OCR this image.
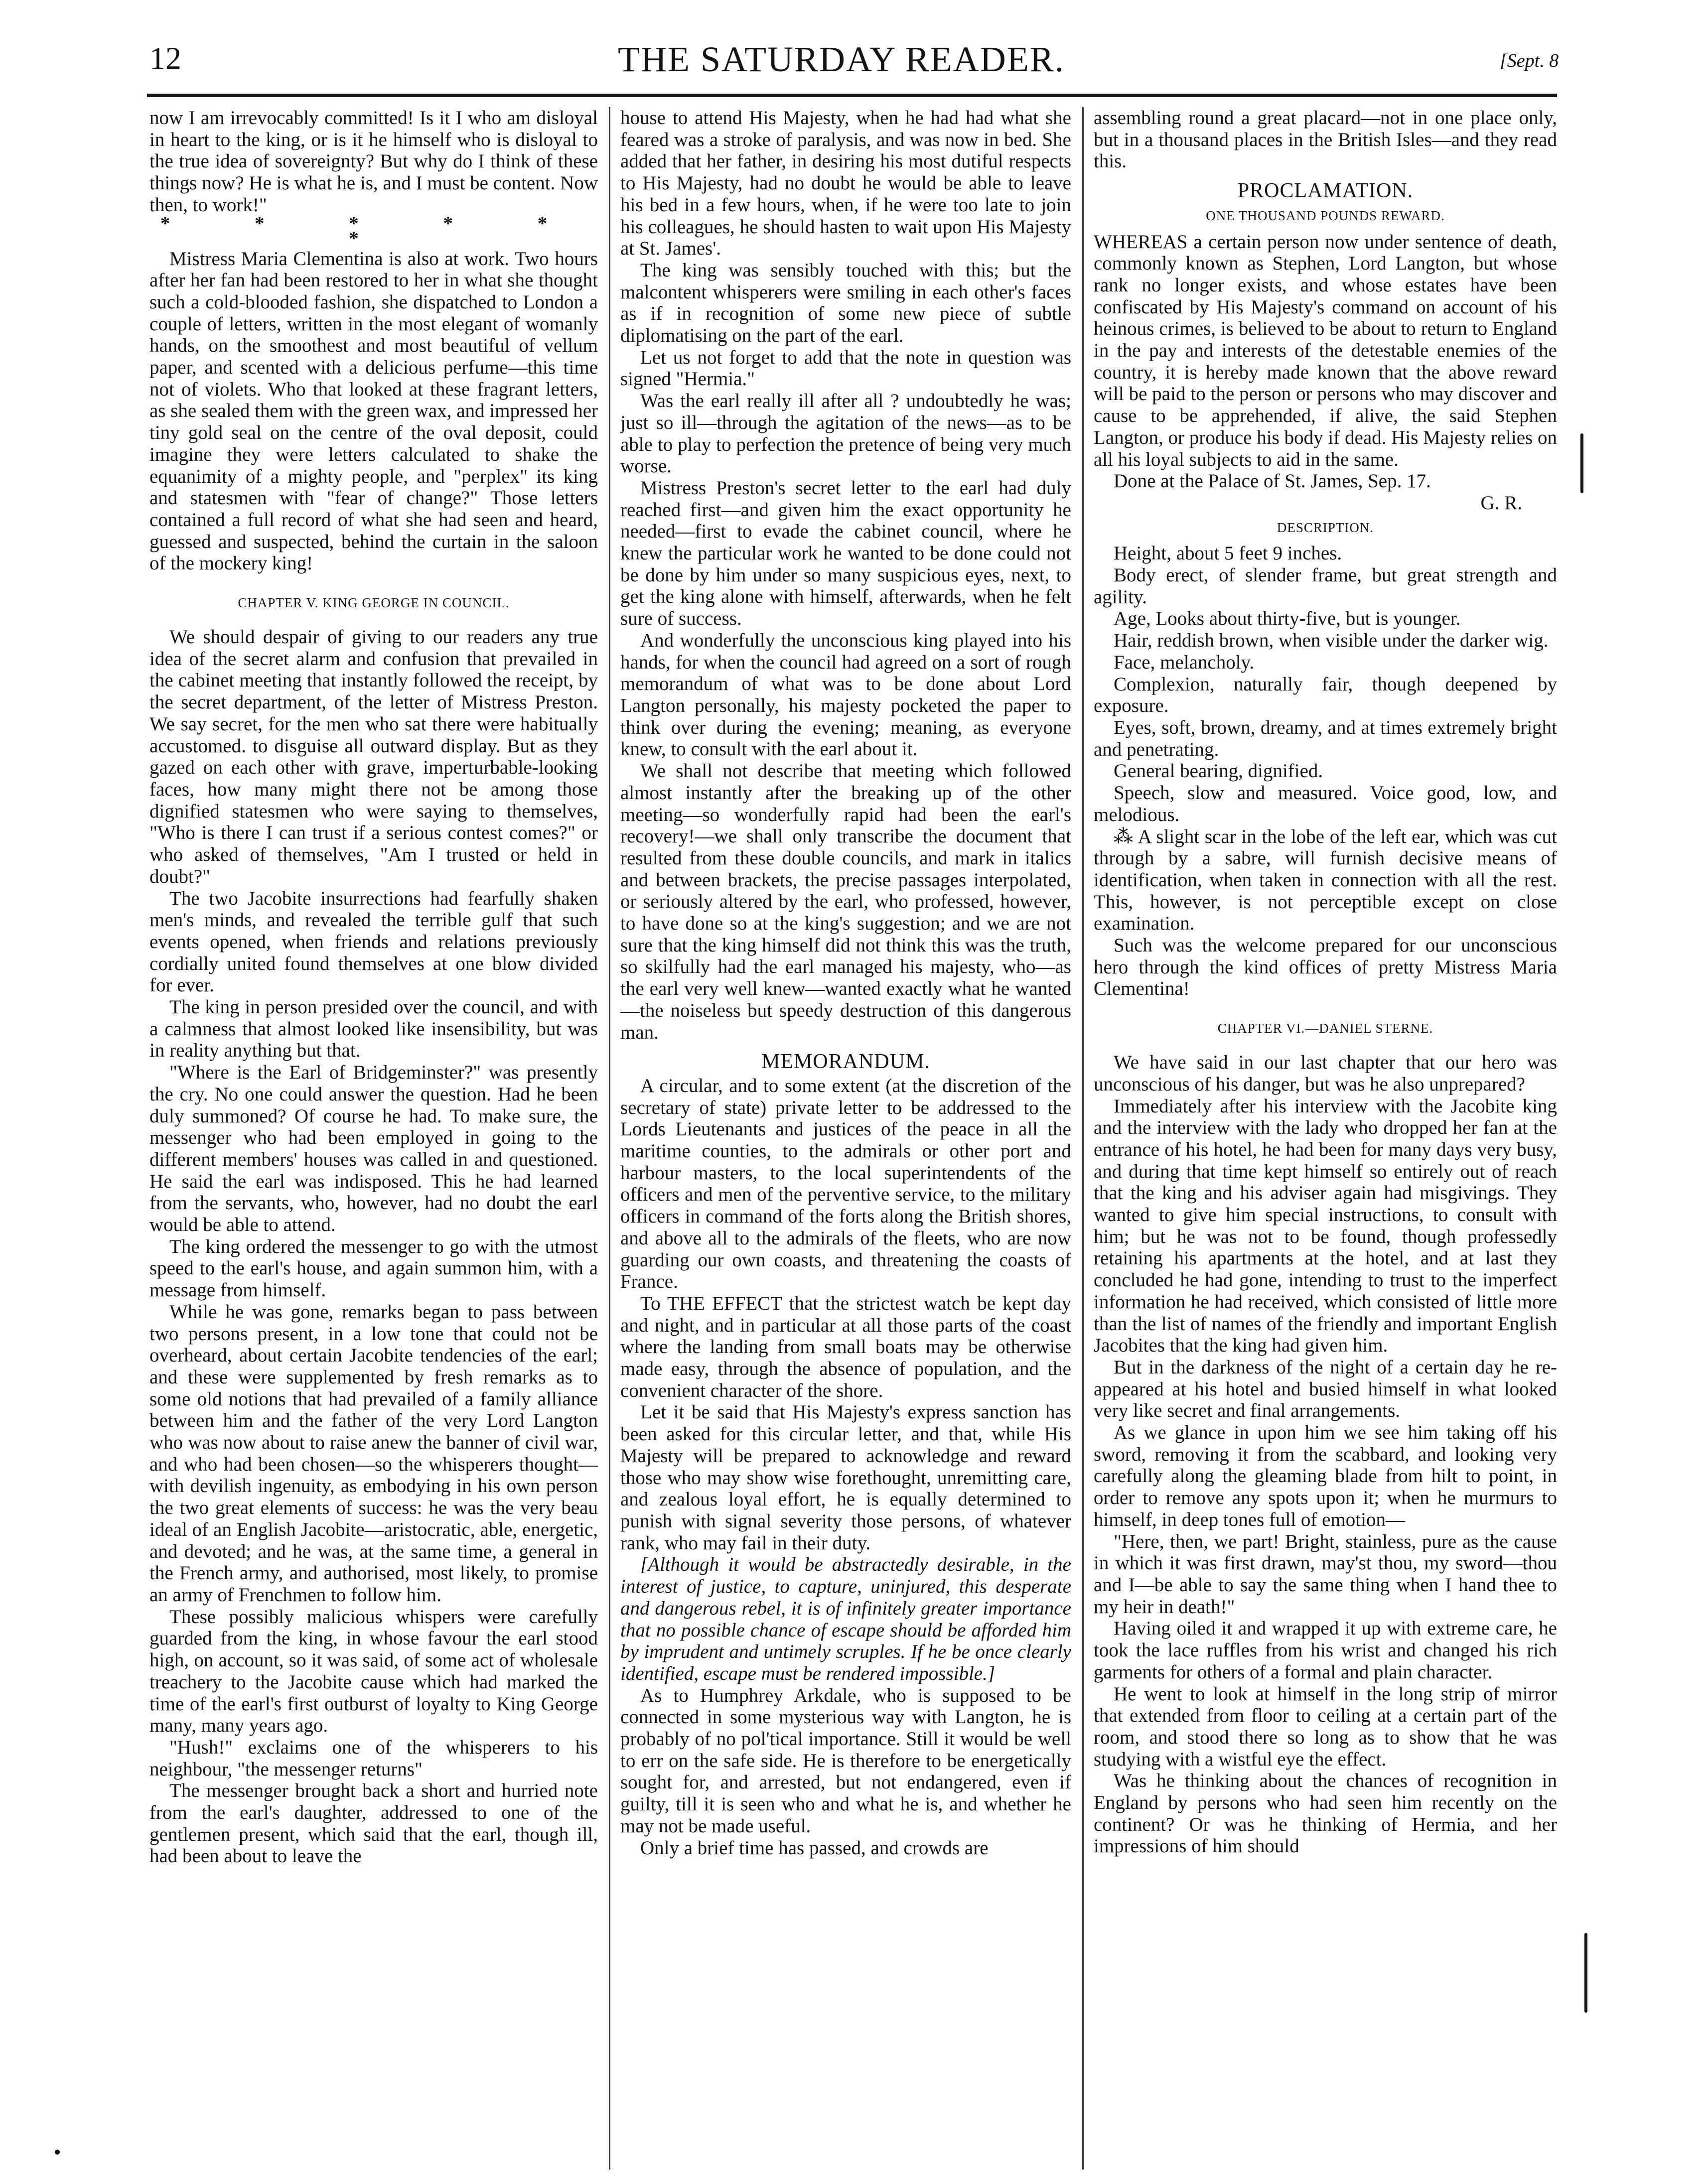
12	THE SATURDAY READER.	[Sept. 8

now I am irrevocably committed! Is it I who am disloyal in heart to the king, or is it he himself who is disloyal to the true idea of sovereignty? But why do I think of these things now? He is what he is, and I must be content. Now then, to work!"

* * * * * *

Mistress Maria Clementina is also at work. Two hours after her fan had been restored to her in what she thought such a cold-blooded fashion, she dispatched to London a couple of letters, written in the most elegant of womanly hands, on the smoothest and most beautiful of vellum paper, and scented with a delicious perfume—this time not of violets. Who that looked at these fragrant letters, as she sealed them with the green wax, and impressed her tiny gold seal on the centre of the oval deposit, could imagine they were letters calculated to shake the equanimity of a mighty people, and "perplex" its king and statesmen with "fear of change?" Those letters contained a full record of what she had seen and heard, guessed and suspected, behind the curtain in the saloon of the mockery king!

CHAPTER V. KING GEORGE IN COUNCIL.

We should despair of giving to our readers any true idea of the secret alarm and confusion that prevailed in the cabinet meeting that instantly followed the receipt, by the secret department, of the letter of Mistress Preston. We say secret, for the men who sat there were habitually accustomed. to disguise all outward display. But as they gazed on each other with grave, imperturbable-looking faces, how many might there not be among those dignified statesmen who were saying to themselves, "Who is there I can trust if a serious contest comes?" or who asked of themselves, "Am I trusted or held in doubt?"

The two Jacobite insurrections had fearfully shaken men's minds, and revealed the terrible gulf that such events opened, when friends and relations previously cordially united found themselves at one blow divided for ever.

The king in person presided over the council, and with a calmness that almost looked like insensibility, but was in reality anything but that.

"Where is the Earl of Bridgeminster?" was presently the cry. No one could answer the question. Had he been duly summoned? Of course he had. To make sure, the messenger who had been employed in going to the different members' houses was called in and questioned. He said the earl was indisposed. This he had learned from the servants, who, however, had no doubt the earl would be able to attend.

The king ordered the messenger to go with the utmost speed to the earl's house, and again summon him, with a message from himself.

While he was gone, remarks began to pass between two persons present, in a low tone that could not be overheard, about certain Jacobite tendencies of the earl; and these were supplemented by fresh remarks as to some old notions that had prevailed of a family alliance between him and the father of the very Lord Langton who was now about to raise anew the banner of civil war, and who had been chosen—so the whisperers thought—with devilish ingenuity, as embodying in his own person the two great elements of success: he was the very beau ideal of an English Jacobite—aristocratic, able, energetic, and devoted; and he was, at the same time, a general in the French army, and authorised, most likely, to promise an army of Frenchmen to follow him.

These possibly malicious whispers were carefully guarded from the king, in whose favour the earl stood high, on account, so it was said, of some act of wholesale treachery to the Jacobite cause which had marked the time of the earl's first outburst of loyalty to King George many, many years ago.

"Hush!" exclaims one of the whisperers to his neighbour, "the messenger returns"

The messenger brought back a short and hurried note from the earl's daughter, addressed to one of the gentlemen present, which said that the earl, though ill, had been about to leave the

house to attend His Majesty, when he had had what she feared was a stroke of paralysis, and was now in bed. She added that her father, in desiring his most dutiful respects to His Majesty, had no doubt he would be able to leave his bed in a few hours, when, if he were too late to join his colleagues, he should hasten to wait upon His Majesty at St. James'.

The king was sensibly touched with this; but the malcontent whisperers were smiling in each other's faces as if in recognition of some new piece of subtle diplomatising on the part of the earl.

Let us not forget to add that the note in question was signed "Hermia."

Was the earl really ill after all ? undoubtedly he was; just so ill—through the agitation of the news—as to be able to play to perfection the pretence of being very much worse.

Mistress Preston's secret letter to the earl had duly reached first—and given him the exact opportunity he needed—first to evade the cabinet council, where he knew the particular work he wanted to be done could not be done by him under so many suspicious eyes, next, to get the king alone with himself, afterwards, when he felt sure of success.

And wonderfully the unconscious king played into his hands, for when the council had agreed on a sort of rough memorandum of what was to be done about Lord Langton personally, his majesty pocketed the paper to think over during the evening; meaning, as everyone knew, to consult with the earl about it.

We shall not describe that meeting which followed almost instantly after the breaking up of the other meeting—so wonderfully rapid had been the earl's recovery!—we shall only transcribe the document that resulted from these double councils, and mark in italics and between brackets, the precise passages interpolated, or seriously altered by the earl, who professed, however, to have done so at the king's suggestion; and we are not sure that the king himself did not think this was the truth, so skilfully had the earl managed his majesty, who—as the earl very well knew—wanted exactly what he wanted—the noiseless but speedy destruction of this dangerous man.

MEMORANDUM.

A circular, and to some extent (at the discretion of the secretary of state) private letter to be addressed to the Lords Lieutenants and justices of the peace in all the maritime counties, to the admirals or other port and harbour masters, to the local superintendents of the officers and men of the perventive service, to the military officers in command of the forts along the British shores, and above all to the admirals of the fleets, who are now guarding our own coasts, and threatening the coasts of France.

To THE EFFECT that the strictest watch be kept day and night, and in particular at all those parts of the coast where the landing from small boats may be otherwise made easy, through the absence of population, and the convenient character of the shore.

Let it be said that His Majesty's express sanction has been asked for this circular letter, and that, while His Majesty will be prepared to acknowledge and reward those who may show wise forethought, unremitting care, and zealous loyal effort, he is equally determined to punish with signal severity those persons, of whatever rank, who may fail in their duty.

[Although it would be abstractedly desirable, in the interest of justice, to capture, uninjured, this desperate and dangerous rebel, it is of infinitely greater importance that no possible chance of escape should be afforded him by imprudent and untimely scruples. If he be once clearly identified, escape must be rendered impossible.]

As to Humphrey Arkdale, who is supposed to be connected in some mysterious way with Langton, he is probably of no pol'tical importance. Still it would be well to err on the safe side. He is therefore to be energetically sought for, and arrested, but not endangered, even if guilty, till it is seen who and what he is, and whether he may not be made useful.

Only a brief time has passed, and crowds are

assembling round a great placard—not in one place only, but in a thousand places in the British Isles—and they read this.

PROCLAMATION.
ONE THOUSAND POUNDS REWARD.

WHEREAS a certain person now under sentence of death, commonly known as Stephen, Lord Langton, but whose rank no longer exists, and whose estates have been confiscated by His Majesty's command on account of his heinous crimes, is believed to be about to return to England in the pay and interests of the detestable enemies of the country, it is hereby made known that the above reward will be paid to the person or persons who may discover and cause to be apprehended, if alive, the said Stephen Langton, or produce his body if dead. His Majesty relies on all his loyal subjects to aid in the same.

Done at the Palace of St. James, Sep. 17.

G. R.
DESCRIPTION.

Height, about 5 feet 9 inches.

Body erect, of slender frame, but great strength and agility.

Age, Looks about thirty-five, but is younger.

Hair, reddish brown, when visible under the darker wig.

Face, melancholy.

Complexion, naturally fair, though deepened by exposure.

Eyes, soft, brown, dreamy, and at times extremely bright and penetrating.

General bearing, dignified.

Speech, slow and measured. Voice good, low, and melodious.

⁂ A slight scar in the lobe of the left ear, which was cut through by a sabre, will furnish decisive means of identification, when taken in connection with all the rest. This, however, is not perceptible except on close examination.

Such was the welcome prepared for our unconscious hero through the kind offices of pretty Mistress Maria Clementina!

CHAPTER VI.—DANIEL STERNE.

We have said in our last chapter that our hero was unconscious of his danger, but was he also unprepared?

Immediately after his interview with the Jacobite king and the interview with the lady who dropped her fan at the entrance of his hotel, he had been for many days very busy, and during that time kept himself so entirely out of reach that the king and his adviser again had misgivings. They wanted to give him special instructions, to consult with him; but he was not to be found, though professedly retaining his apartments at the hotel, and at last they concluded he had gone, intending to trust to the imperfect information he had received, which consisted of little more than the list of names of the friendly and important English Jacobites that the king had given him.

But in the darkness of the night of a certain day he re-appeared at his hotel and busied himself in what looked very like secret and final arrangements.

As we glance in upon him we see him taking off his sword, removing it from the scabbard, and looking very carefully along the gleaming blade from hilt to point, in order to remove any spots upon it; when he murmurs to himself, in deep tones full of emotion—

"Here, then, we part! Bright, stainless, pure as the cause in which it was first drawn, may'st thou, my sword—thou and I—be able to say the same thing when I hand thee to my heir in death!"

Having oiled it and wrapped it up with extreme care, he took the lace ruffles from his wrist and changed his rich garments for others of a formal and plain character.

He went to look at himself in the long strip of mirror that extended from floor to ceiling at a certain part of the room, and stood there so long as to show that he was studying with a wistful eye the effect.

Was he thinking about the chances of recognition in England by persons who had seen him recently on the continent? Or was he thinking of Hermia, and her impressions of him should
